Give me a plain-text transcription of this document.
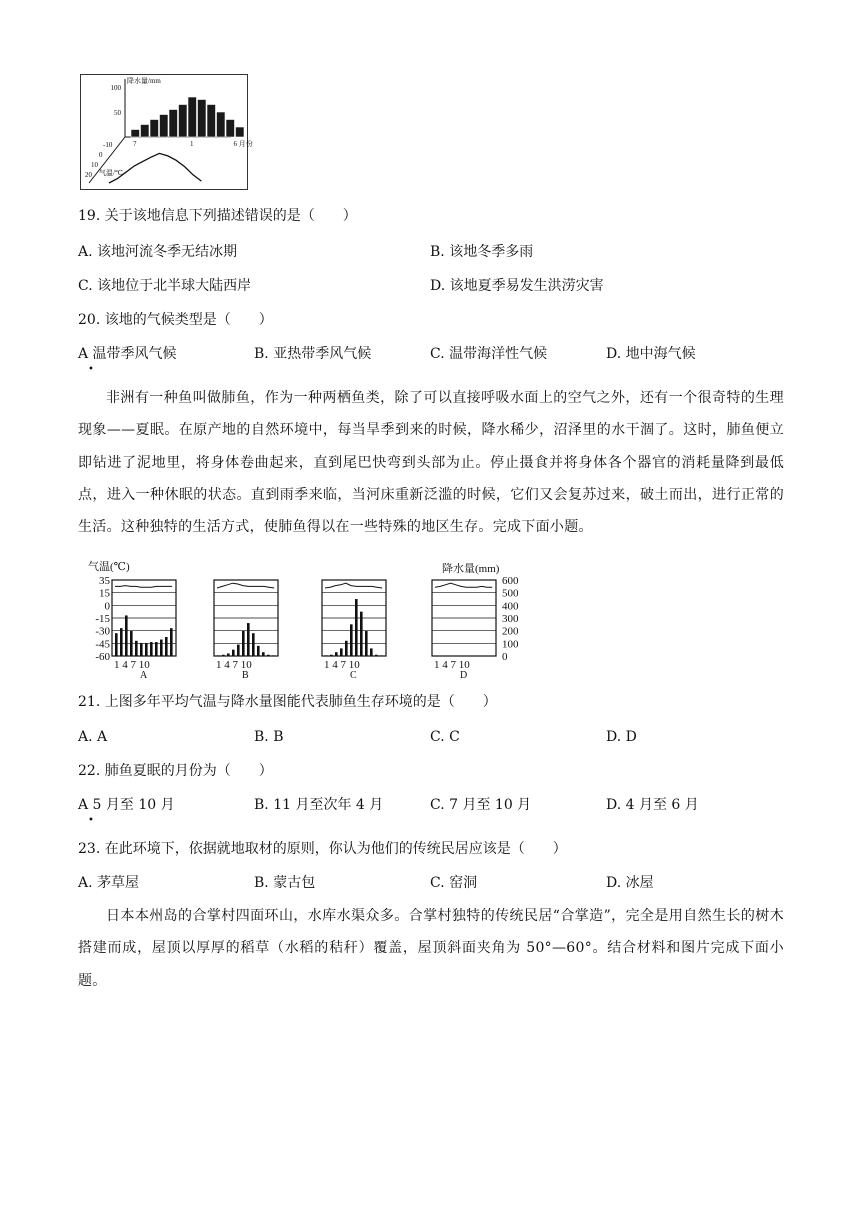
降水量/mm
100
50
7	1	6 月份
-10
0
10
20 气温/℃
19. 关于该地信息下列描述错误的是（　　）
A. 该地河流冬季无结冰期	B. 该地冬季多雨
C. 该地位于北半球大陆西岸	D. 该地夏季易发生洪涝灾害
20. 该地的气候类型是（　　）
A 温带季风气候
•
B. 亚热带季风气候	C. 温带海洋性气候	D. 地中海气候
非洲有一种鱼叫做肺鱼，作为一种两栖鱼类，除了可以直接呼吸水面上的空气之外，还有一个很奇特的生理现象——夏眠。在原产地的自然环境中，每当旱季到来的时候，降水稀少，沼泽里的水干涸了。这时，肺鱼便立即钻进了泥地里，将身体卷曲起来，直到尾巴快弯到头部为止。停止摄食并将身体各个器官的消耗量降到最低点，进入一种休眠的状态。直到雨季来临，当河床重新泛滥的时候，它们又会复苏过来，破土而出，进行正常的生活。这种独特的生活方式，使肺鱼得以在一些特殊的地区生存。完成下面小题。
气温(℃)
35
15
0
-15
-30
-45
-60
降水量(mm)
600
500
400
300
200
100
0
1 4 7 10
A
1 4 7 10
B
1 4 7 10
C
1 4 7 10
D
21. 上图多年平均气温与降水量图能代表肺鱼生存环境的是（　　）
A. A	B. B	C. C	D. D
22. 肺鱼夏眠的月份为（　　）
A 5 月至 10 月
•
B. 11 月至次年 4 月	C. 7 月至 10 月	D. 4 月至 6 月
23. 在此环境下，依据就地取材的原则，你认为他们的传统民居应该是（　　）
A. 茅草屋	B. 蒙古包	C. 窑洞	D. 冰屋
日本本州岛的合掌村四面环山，水库水渠众多。合掌村独特的传统民居“合掌造”，完全是用自然生长的树木搭建而成，屋顶以厚厚的稻草（水稻的秸秆）覆盖，屋顶斜面夹角为 50°—60°。结合材料和图片完成下面小题。
